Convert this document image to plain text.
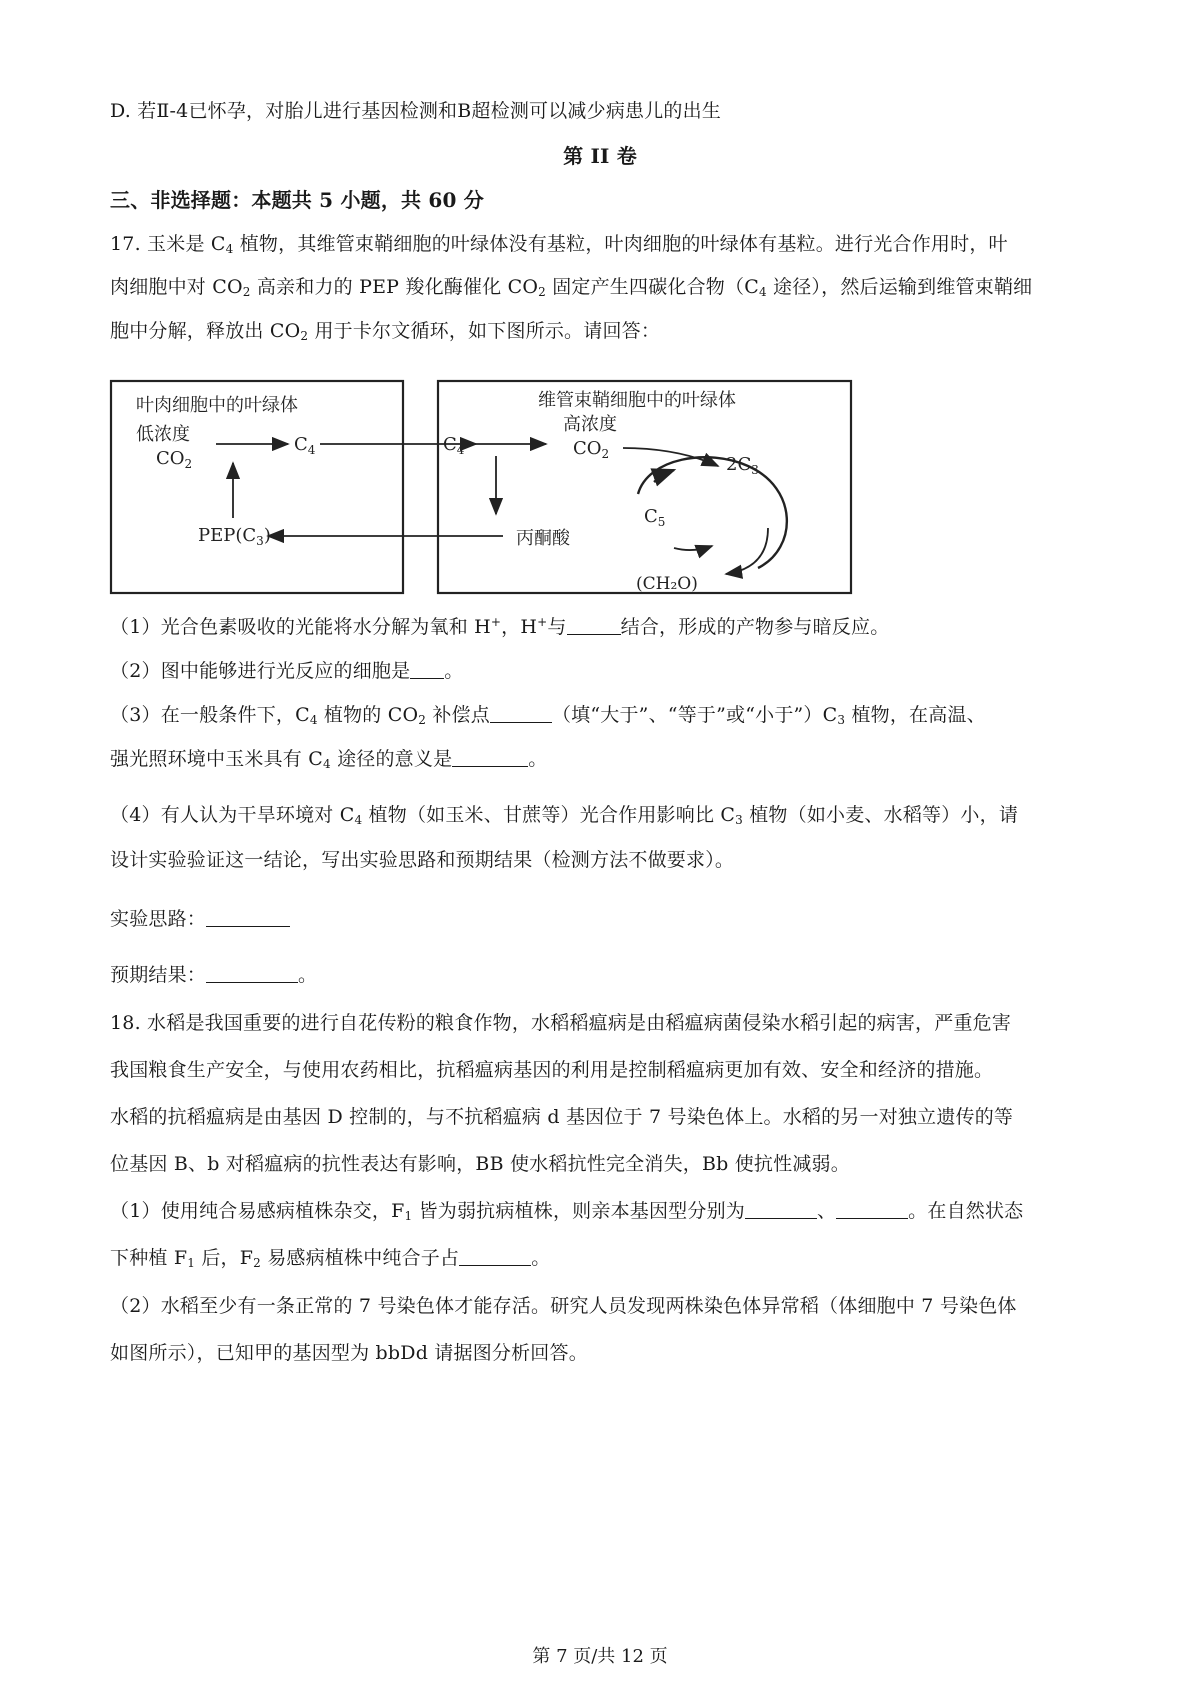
D. 若Ⅱ-4已怀孕，对胎儿进行基因检测和B超检测可以减少病患儿的出生
第 II 卷
三、非选择题：本题共 5 小题，共 60 分
17. 玉米是 $C_4$ 植物，其维管束鞘细胞的叶绿体没有基粒，叶肉细胞的叶绿体有基粒。进行光合作用时，叶
肉细胞中对 $CO_2$ 高亲和力的 PEP 羧化酶催化 $CO_2$ 固定产生四碳化合物（$C_4$ 途径），然后运输到维管束鞘细
胞中分解，释放出 $CO_2$ 用于卡尔文循环，如下图所示。请回答：
叶肉细胞中的叶绿体
低浓度
$CO_2$
$C_4$
$PEP(C_3)$
维管束鞘细胞中的叶绿体
$C_4$
高浓度
$CO_2$	$2C_3$
$C_5$
丙酮酸
(CH₂O)
（1）光合色素吸收的光能将水分解为氧和 H+，H+与	结合，形成的产物参与暗反应。
（2）图中能够进行光反应的细胞是 。
（3）在一般条件下，$C_4$ 植物的 $CO_2$ 补偿点	（填“大于”、“等于”或“小于$”)C_3$ 植物，在高温、
强光照环境中玉米具有 $C_4$ 途径的意义是	。
（4）有人认为干旱环境对 $C_4$ 植物（如玉米、甘蔗等）光合作用影响比 $C_3$ 植物（如小麦、水稻等）小，请
设计实验验证这一结论，写出实验思路和预期结果（检测方法不做要求）。
实验思路：
预期结果：	。
18. 水稻是我国重要的进行自花传粉的粮食作物，水稻稻瘟病是由稻瘟病菌侵染水稻引起的病害，严重危害
我国粮食生产安全，与使用农药相比，抗稻瘟病基因的利用是控制稻瘟病更加有效、安全和经济的措施。
水稻的抗稻瘟病是由基因 D 控制的，与不抗稻瘟病 d 基因位于 7 号染色体上。水稻的另一对独立遗传的等
位基因 B、b 对稻瘟病的抗性表达有影响，BB 使水稻抗性完全消失，Bb 使抗性减弱。
（1）使用纯合易感病植株杂交，$F_1$ 皆为弱抗病植株，则亲本基因型分别为	、	。在自然状态
下种植 $F_1$ 后，$F_2$ 易感病植株中纯合子占	。
（2）水稻至少有一条正常的 7 号染色体才能存活。研究人员发现两株染色体异常稻（体细胞中 7 号染色体
如图所示），已知甲的基因型为 bbDd 请据图分析回答。
第 7 页/共 12 页
